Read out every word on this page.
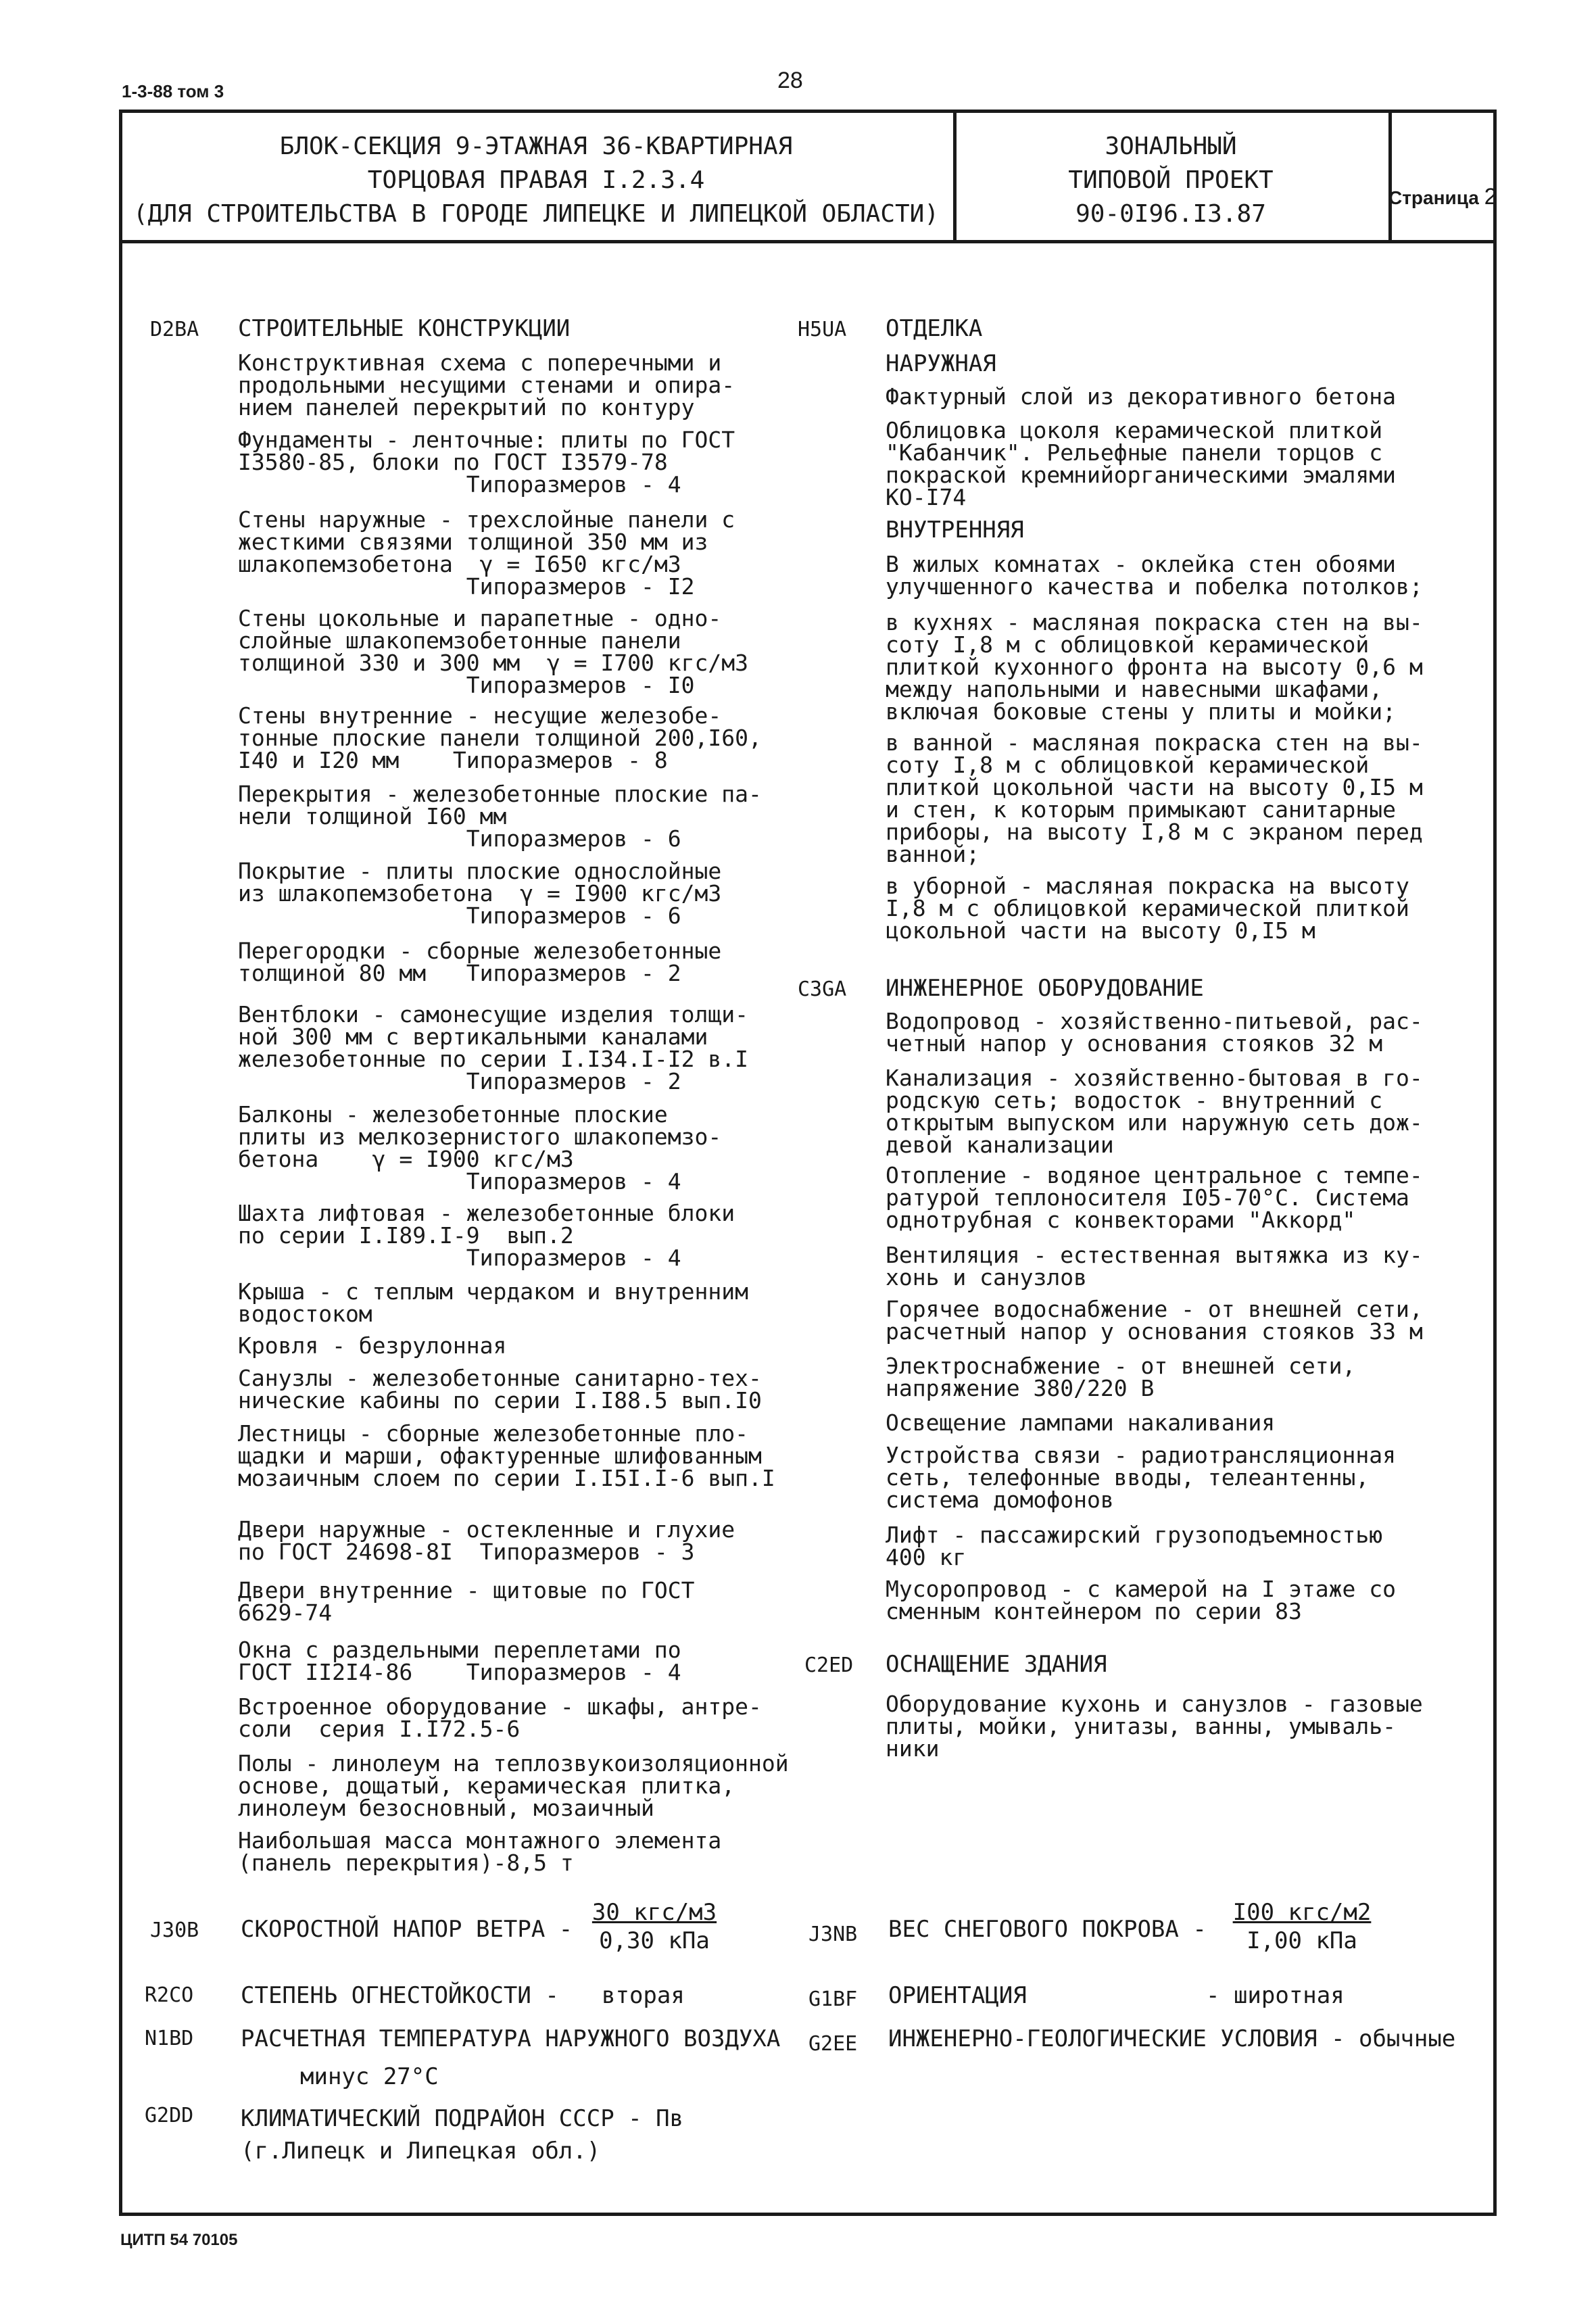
1-3-88 том 3	28
БЛОК-СЕКЦИЯ 9-ЭТАЖНАЯ 36-КВАРТИРНАЯ
ТОРЦОВАЯ ПРАВАЯ I.2.3.4
(ДЛЯ СТРОИТЕЛЬСТВА В ГОРОДЕ ЛИПЕЦКЕ И ЛИПЕЦКОЙ ОБЛАСТИ)
ЗОНАЛЬНЫЙ
ТИПОВОЙ ПРОЕКТ
90-0I96.I3.87
Страница 2
D2BA СТРОИТЕЛЬНЫЕ КОНСТРУКЦИИ
Конструктивная схема с поперечными и
продольными несущими стенами и опира-
нием панелей перекрытий по контуру
Фундаменты - ленточные: плиты по ГОСТ
I3580-85, блоки по ГОСТ I3579-78
Типоразмеров - 4
Стены наружные - трехслойные панели с
жесткими связями толщиной 350 мм из
шлакопемзобетона  γ = I650 кгс/м3
Типоразмеров - I2
Стены цокольные и парапетные - одно-
слойные шлакопемзобетонные панели
толщиной 330 и 300 мм  γ = I700 кгс/м3
Типоразмеров - I0
Стены внутренние - несущие железобе-
тонные плоские панели толщиной 200,I60,
I40 и I20 мм    Типоразмеров - 8
Перекрытия - железобетонные плоские па-
нели толщиной I60 мм
Типоразмеров - 6
Покрытие - плиты плоские однослойные
из шлакопемзобетона  γ = I900 кгс/м3
Типоразмеров - 6
Перегородки - сборные железобетонные
толщиной 80 мм   Типоразмеров - 2
Вентблоки - самонесущие изделия толщи-
ной 300 мм с вертикальными каналами
железобетонные по серии I.I34.I-I2 в.I
Типоразмеров - 2
Балконы - железобетонные плоские
плиты из мелкозернистого шлакопемзо-
бетона    γ = I900 кгс/м3
Типоразмеров - 4
Шахта лифтовая - железобетонные блоки
по серии I.I89.I-9  вып.2
Типоразмеров - 4
Крыша - с теплым чердаком и внутренним
водостоком
Кровля - безрулонная
Санузлы - железобетонные санитарно-тех-
нические кабины по серии I.I88.5 вып.I0
Лестницы - сборные железобетонные пло-
щадки и марши, офактуренные шлифованным
мозаичным слоем по серии I.I5I.I-6 вып.I
Двери наружные - остекленные и глухие
по ГОСТ 24698-8I  Типоразмеров - 3
Двери внутренние - щитовые по ГОСТ
6629-74
Окна с раздельными переплетами по
ГОСТ II2I4-86    Типоразмеров - 4
Встроенное оборудование - шкафы, антре-
соли  серия I.I72.5-6
Полы - линолеум на теплозвукоизоляционной
основе, дощатый, керамическая плитка,
линолеум безосновный, мозаичный
Наибольшая масса монтажного элемента
(панель перекрытия)-8,5 т
H5UA ОТДЕЛКА
НАРУЖНАЯ
Фактурный слой из декоративного бетона
Облицовка цоколя керамической плиткой
"Кабанчик". Рельефные панели торцов с
покраской кремнийорганическими эмалями
КО-I74
ВНУТРЕННЯЯ
В жилых комнатах - оклейка стен обоями
улучшенного качества и побелка потолков;
в кухнях - масляная покраска стен на вы-
соту I,8 м с облицовкой керамической
плиткой кухонного фронта на высоту 0,6 м
между напольными и навесными шкафами,
включая боковые стены у плиты и мойки;
в ванной - масляная покраска стен на вы-
соту I,8 м с облицовкой керамической
плиткой цокольной части на высоту 0,I5 м
и стен, к которым примыкают санитарные
приборы, на высоту I,8 м с экраном перед
ванной;
в уборной - масляная покраска на высоту
I,8 м с облицовкой керамической плиткой
цокольной части на высоту 0,I5 м
C3GA ИНЖЕНЕРНОЕ ОБОРУДОВАНИЕ
Водопровод - хозяйственно-питьевой, рас-
четный напор у основания стояков 32 м
Канализация - хозяйственно-бытовая в го-
родскую сеть; водосток - внутренний с
открытым выпуском или наружную сеть дож-
девой канализации
Отопление - водяное центральное с темпе-
ратурой теплоносителя I05-70°С. Система
однотрубная с конвекторами "Аккорд"
Вентиляция - естественная вытяжка из ку-
хонь и санузлов
Горячее водоснабжение - от внешней сети,
расчетный напор у основания стояков 33 м
Электроснабжение - от внешней сети,
напряжение 380/220 В
Освещение лампами накаливания
Устройства связи - радиотрансляционная
сеть, телефонные вводы, телеантенны,
система домофонов
Лифт - пассажирский грузоподъемностью
400 кг
Мусоропровод - с камерой на I этаже со
сменным контейнером по серии 83
C2ED ОСНАЩЕНИЕ ЗДАНИЯ
Оборудование кухонь и санузлов - газовые
плиты, мойки, унитазы, ванны, умываль-
ники
J30B СКОРОСТНОЙ НАПОР ВЕТРА -
30 кгс/м3
0,30 кПа	J3NB ВЕС СНЕГОВОГО ПОКРОВА -
I00 кгс/м2
I,00 кПа
R2CO СТЕПЕНЬ ОГНЕСТОЙКОСТИ - вторая	G1BF ОРИЕНТАЦИЯ	- широтная
N1BD РАСЧЕТНАЯ ТЕМПЕРАТУРА НАРУЖНОГО ВОЗДУХА
минус 27°С
G2EE ИНЖЕНЕРНО-ГЕОЛОГИЧЕСКИЕ УСЛОВИЯ - обычные
G2DD КЛИМАТИЧЕСКИЙ ПОДРАЙОН СССР - Пв
(г.Липецк и Липецкая обл.)
ЦИТП 54 70105
